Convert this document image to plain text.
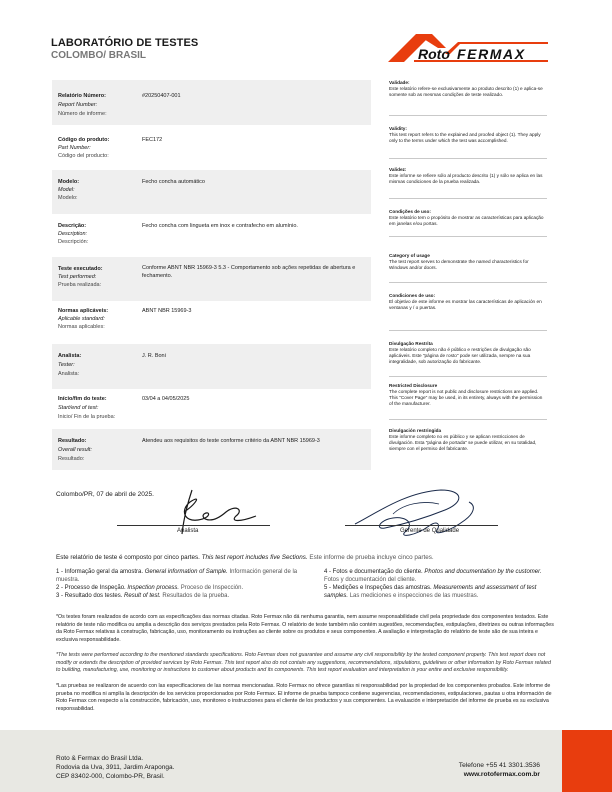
LABORATÓRIO DE TESTES
COLOMBO/ BRASIL	Roto FERMAX
Relatório Número:
Report Number:
Número de informe:
#20250407-001
Código do produto:
Part Number:
Código del producto:
FEC172
Modelo:
Model:
Modelo:
Fecho concha automático
Descrição:
Description:
Descripción:
Fecho concha com lingueta em inox e contrafecho em alumínio.
Teste executado:
Test performed:
Prueba realizada:
Conforme ABNT NBR 15969-3 5.3 - Comportamento sob ações repetidas de abertura e fechamento.
Normas aplicáveis:
Aplicable standard:
Normas aplicables:
ABNT NBR 15969-3
Analista:
Tester:
Analista:
J. R. Boni
Início/fim do teste:
Start/end of test:
Inicio/ Fin de la prueba:
03/04 a 04/05/2025
Resultado:
Overall result:
Resultado:
Atendeu aos requisitos do teste conforme critério da ABNT NBR 15969-3
Validade:
Este relatório refere-se exclusivamente ao produto descrito (1) e aplica-se somente sob as mesmas condições de teste realizado.
Validity:
This test report refers to the explained and proofed object (1). They apply only to the terms under which the test was accomplished.
Validez:
Este informe se refiere sólo al producto descrito (1) y sólo se aplica en las mismas condiciones de la prueba realizada.
Condições de uso:
Este relatório tem o propósito de mostrar as características para aplicação em janelas e/ou portas.
Category of usage
The test report serves to demonstrate the named characteristics for Windows and/or doors.
Condiciones de uso:
El objetivo de este informe es mostrar las características de aplicación en ventanas y / o puertas.
Divulgação Restrita
Este relatório completo não é público e restrições de divulgação são aplicáveis. Este "página de rosto" pode ser utilizada, sempre na sua integralidade, sob autorização do fabricante.
Restricted Disclosure
The complete report is not public and disclosure restrictions are applied. This "Cover Page" may be used, in its entirety, always with the permission of the manufacturer.
Divulgación restringida
Este informe completo no es público y se aplican restricciones de divulgación. Esta "página de portada" se puede utilizar, en su totalidad, siempre con el permiso del fabricante.
Colombo/PR, 07 de abril de 2025.
Analista	Gerente de Qualidade
Este relatório de teste é composto por cinco partes. This test report includes five Sections. Este informe de prueba incluye cinco partes.
1 - Informação geral da amostra. General information of Sample. Información general de la muestra.
2 - Processo de Inspeção. Inspection process. Proceso de Inspección.
3 - Resultado dos testes. Result of test. Resultados de la prueba.
4 - Fotos e documentação do cliente. Photos and documentation by the customer. Fotos y documentación del cliente.
5 - Medições e Inspeções das amostras. Measurements and assessment of test samples. Las mediciones e inspecciones de las muestras.
*Os testes foram realizados de acordo com as especificações das normas citadas. Roto Fermax não dá nenhuma garantia, nem assume responsabilidade civil pela propriedade dos componentes testados. Este relatório de teste não modifica ou amplia a descrição dos serviços prestados pela Roto Fermax. O relatório de teste também não contém sugestões, recomendações, estipulações, diretrizes ou outras informações da Roto Fermax relativas à construção, fabricação, uso, monitoramento ou instruções ao cliente sobre os produtos e seus componentes. A avaliação e interpretação do relatório de teste são de sua inteira e exclusiva responsabilidade.
*The tests were performed according to the mentioned standards specifications. Roto Fermax does not guarantee and assume any civil responsibility by the tested component property. This test report does not modify or extends the description of provided services by Roto Fermax. This test report also do not contain any suggestions, recommendations, stipulations, guidelines or other information by Roto Fermax related to building, manufacturing, use, monitoring or instructions to customer about products and its components. This test report evaluation and interpretation is your entire and exclusive responsibility.
*Las pruebas se realizaron de acuerdo con las especificaciones de las normas mencionadas. Roto Fermax no ofrece garantías ni responsabilidad por la propiedad de los componentes probados. Este informe de prueba no modifica ni amplía la descripción de los servicios proporcionados por Roto Fermax. El informe de prueba tampoco contiene sugerencias, recomendaciones, estipulaciones, pautas u otra información de Roto Fermax con respecto a la construcción, fabricación, uso, monitoreo o instrucciones para el cliente de los productos y sus componentes. La evaluación e interpretación del informe de prueba es su exclusiva responsabilidad.
Roto & Fermax do Brasil Ltda.
Rodovia da Uva, 3911, Jardim Araponga.
CEP 83402-000, Colombo-PR, Brasil.
Telefone +55 41 3301.3536
www.rotofermax.com.br
